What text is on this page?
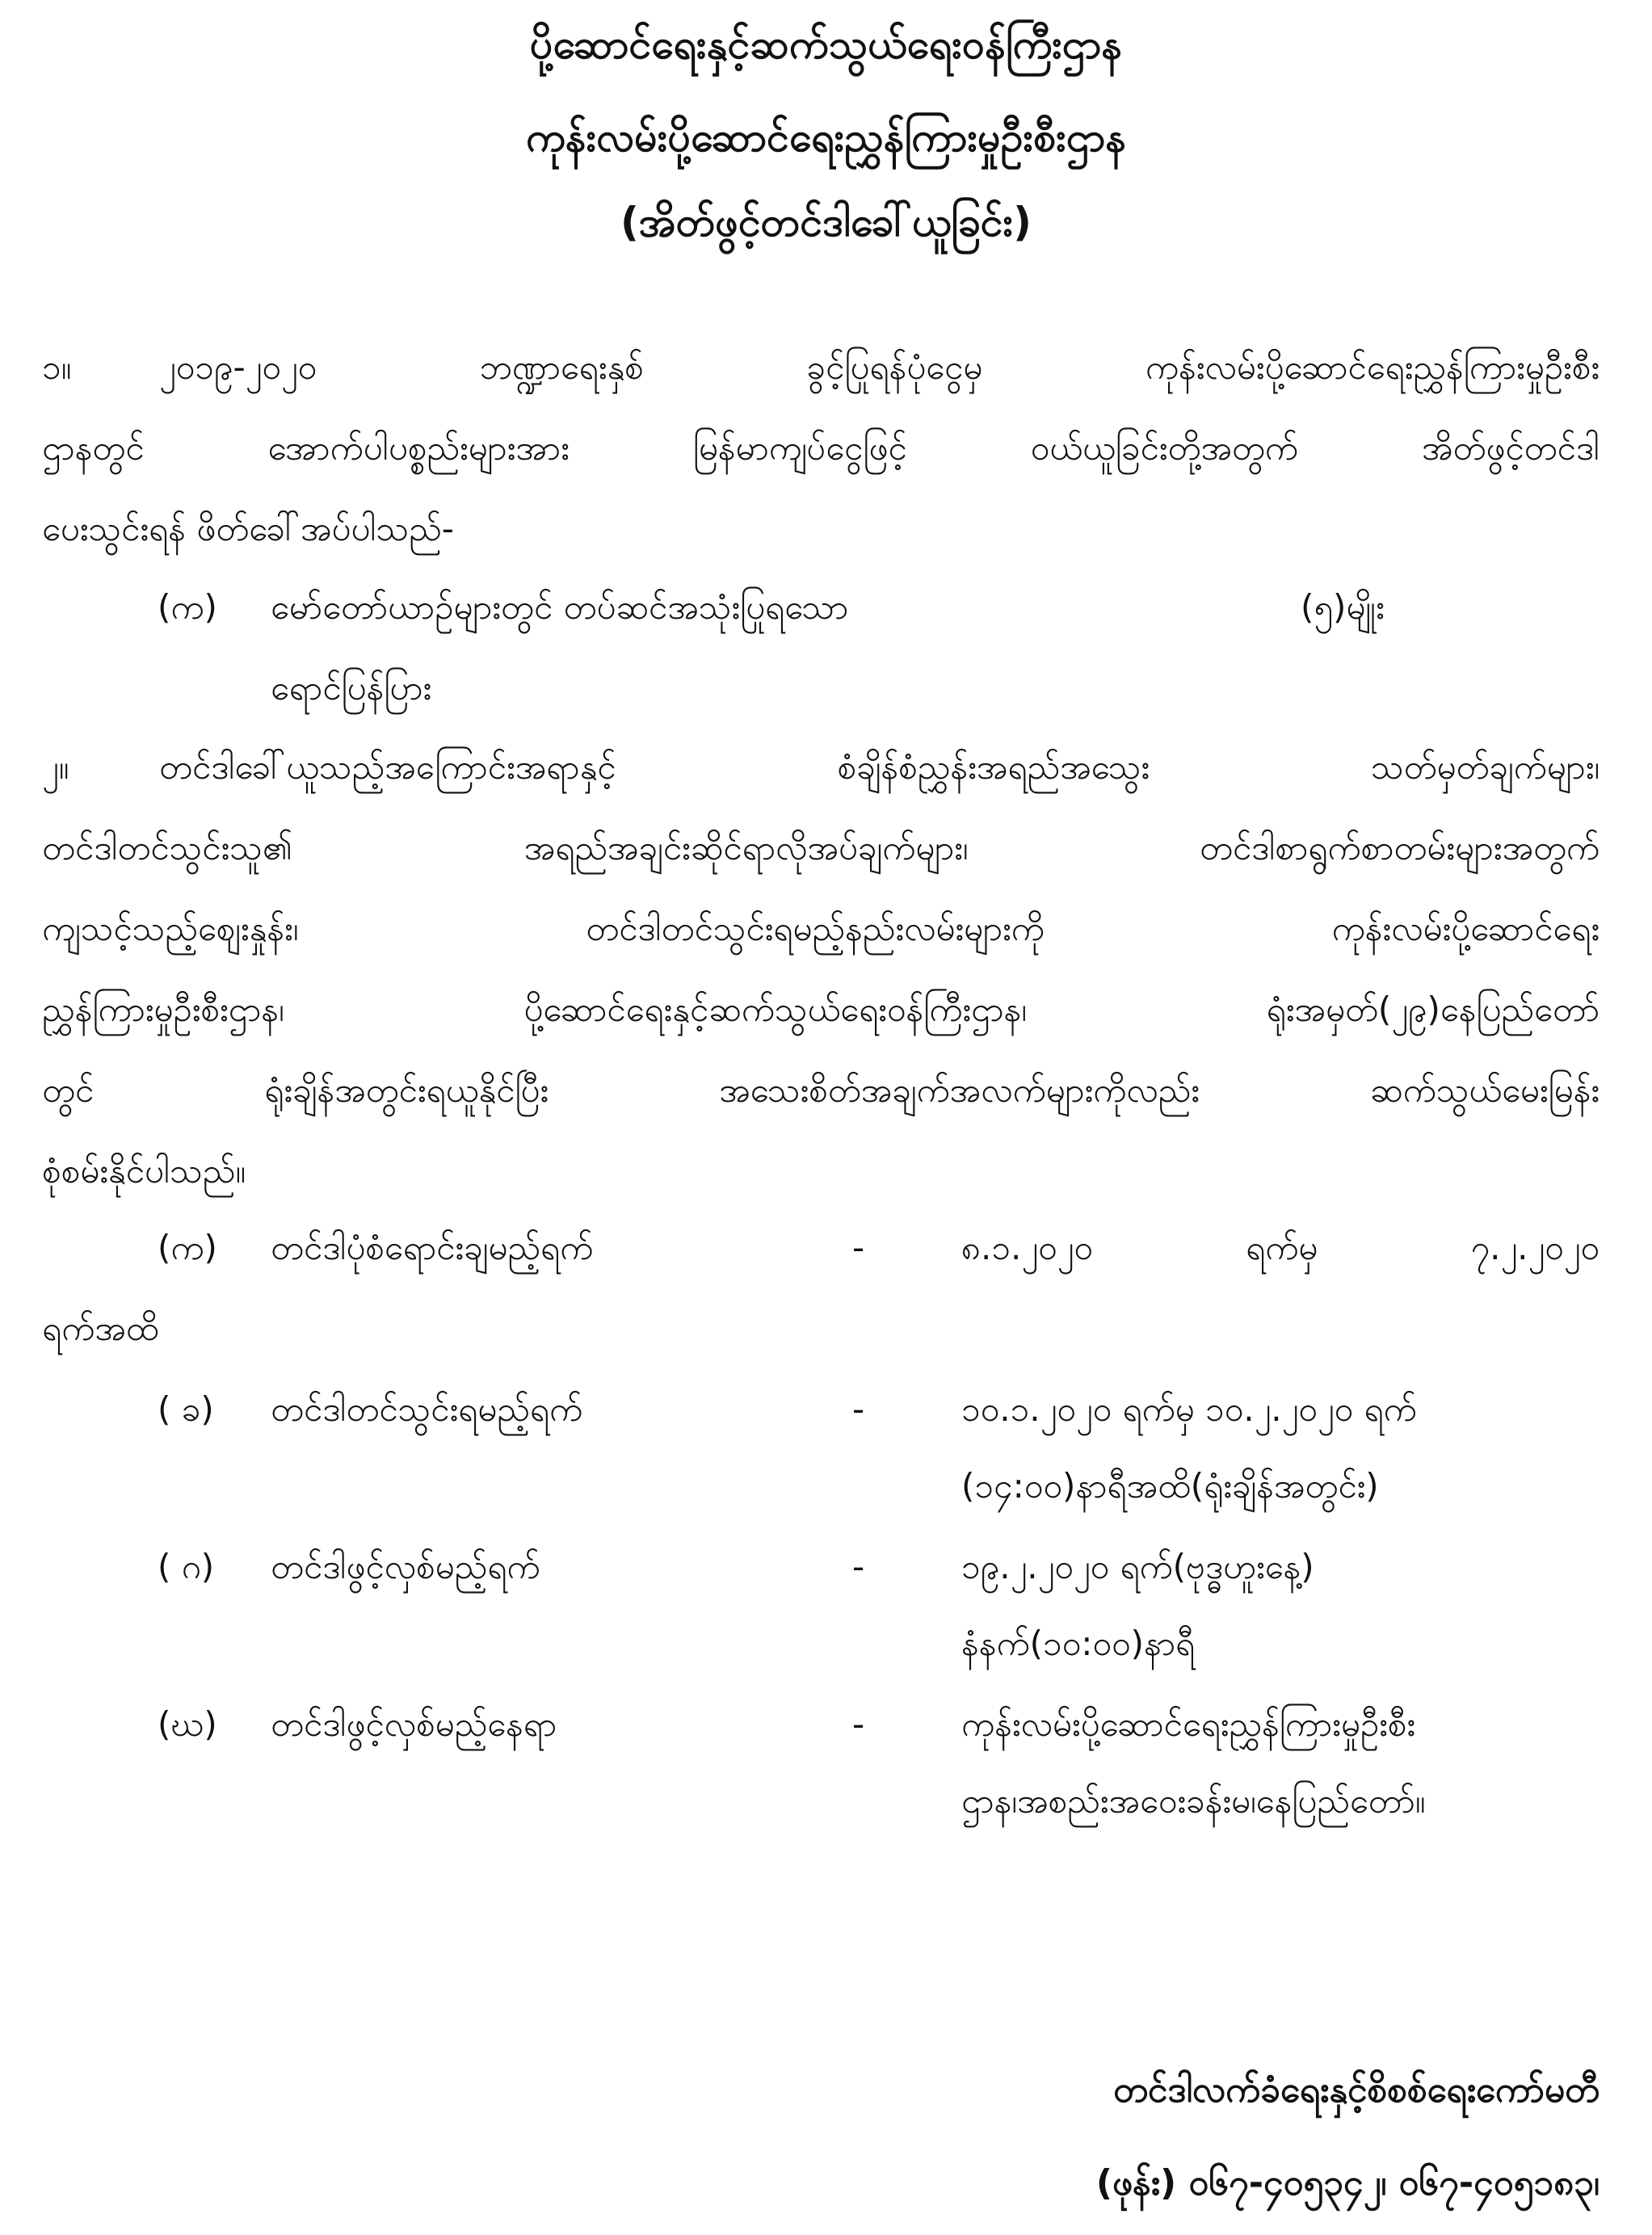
ပို့ဆောင်ရေးနှင့်ဆက်သွယ်ရေးဝန်ကြီးဌာန
ကုန်းလမ်းပို့ဆောင်ရေးညွှန်ကြားမှုဦးစီးဌာန
(အိတ်ဖွင့်တင်ဒါခေါ်ယူခြင်း)
၁။	၂၀၁၉-၂၀၂၀ ဘဏ္ဍာရေးနှစ် ခွင့်ပြုရန်ပုံငွေမှ ကုန်းလမ်းပို့ဆောင်ရေးညွှန်ကြားမှုဦးစီး
ဌာနတွင် အောက်ပါပစ္စည်းများအား မြန်မာကျပ်ငွေဖြင့် ဝယ်ယူခြင်းတို့အတွက် အိတ်ဖွင့်တင်ဒါ
ပေးသွင်းရန် ဖိတ်ခေါ်အပ်ပါသည်-
(က)	မော်တော်ယာဉ်များတွင် တပ်ဆင်အသုံးပြုရသော	(၅)မျိုး
ရောင်ပြန်ပြား
၂။	တင်ဒါခေါ်ယူသည့်အကြောင်းအရာနှင့် စံချိန်စံညွှန်းအရည်အသွေး သတ်မှတ်ချက်များ၊
တင်ဒါတင်သွင်းသူ၏ အရည်အချင်းဆိုင်ရာလိုအပ်ချက်များ၊ တင်ဒါစာရွက်စာတမ်းများအတွက်
ကျသင့်သည့်စျေးနှုန်း၊ တင်ဒါတင်သွင်းရမည့်နည်းလမ်းများကို ကုန်းလမ်းပို့ဆောင်ရေး
ညွှန်ကြားမှုဦးစီးဌာန၊ ပို့ဆောင်ရေးနှင့်ဆက်သွယ်ရေးဝန်ကြီးဌာန၊ ရုံးအမှတ်(၂၉)နေပြည်တော်
တွင် ရုံးချိန်အတွင်းရယူနိုင်ပြီး အသေးစိတ်အချက်အလက်များကိုလည်း ဆက်သွယ်မေးမြန်း
စုံစမ်းနိုင်ပါသည်။
(က)	တင်ဒါပုံစံရောင်းချမည့်ရက်	-	၈.၁.၂၀၂၀	ရက်မှ	၇.၂.၂၀၂၀
ရက်အထိ
( ခ)	တင်ဒါတင်သွင်းရမည့်ရက်	-	၁၀.၁.၂၀၂၀ ရက်မှ ၁၀.၂.၂၀၂၀ ရက်
(၁၄:၀၀)နာရီအထိ(ရုံးချိန်အတွင်း)
( ဂ)	တင်ဒါဖွင့်လှစ်မည့်ရက်	-	၁၉.၂.၂၀၂၀ ရက်(ဗုဒ္ဓဟူးနေ့)
နံနက်(၁၀:၀၀)နာရီ
(ဃ)	တင်ဒါဖွင့်လှစ်မည့်နေရာ	-	ကုန်းလမ်းပို့ဆောင်ရေးညွှန်ကြားမှုဦးစီး
ဌာန၊အစည်းအဝေးခန်းမ၊နေပြည်တော်။
တင်ဒါလက်ခံရေးနှင့်စိစစ်ရေးကော်မတီ
(ဖုန်း) ၀၆၇-၄၀၅၃၄၂၊ ၀၆၇-၄၀၅၁၈၃၊
